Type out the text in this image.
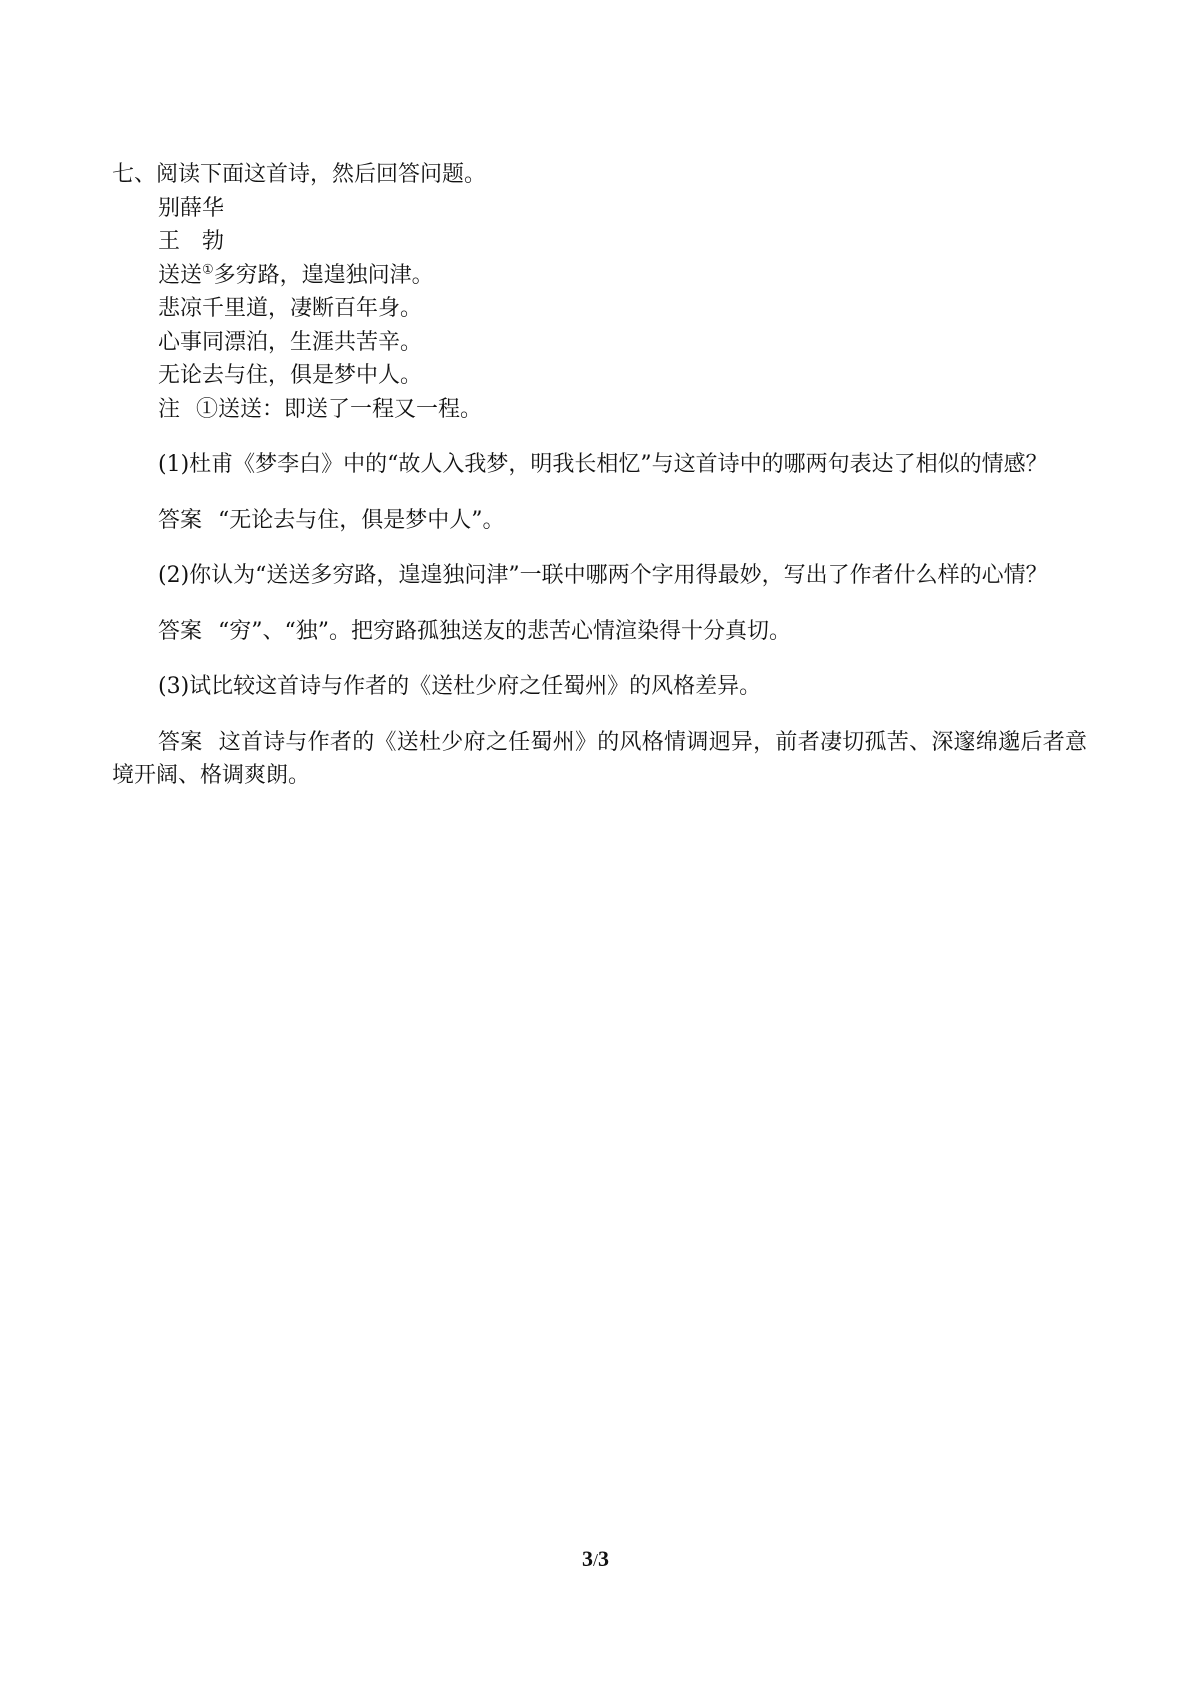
七、阅读下面这首诗，然后回答问题。

别薛华

王　勃

送送①多穷路，遑遑独问津。

悲凉千里道，凄断百年身。

心事同漂泊，生涯共苦辛。

无论去与住，俱是梦中人。

注 ①送送：即送了一程又一程。

(1)杜甫《梦李白》中的“故人入我梦，明我长相忆”与这首诗中的哪两句表达了相似的情感？

答案 “无论去与住，俱是梦中人”。

(2)你认为“送送多穷路，遑遑独问津”一联中哪两个字用得最妙，写出了作者什么样的心情？

答案 “穷”、“独”。把穷路孤独送友的悲苦心情渲染得十分真切。

(3)试比较这首诗与作者的《送杜少府之任蜀州》的风格差异。

答案 这首诗与作者的《送杜少府之任蜀州》的风格情调迥异，前者凄切孤苦、深邃绵邈后者意境开阔、格调爽朗。

3/3
